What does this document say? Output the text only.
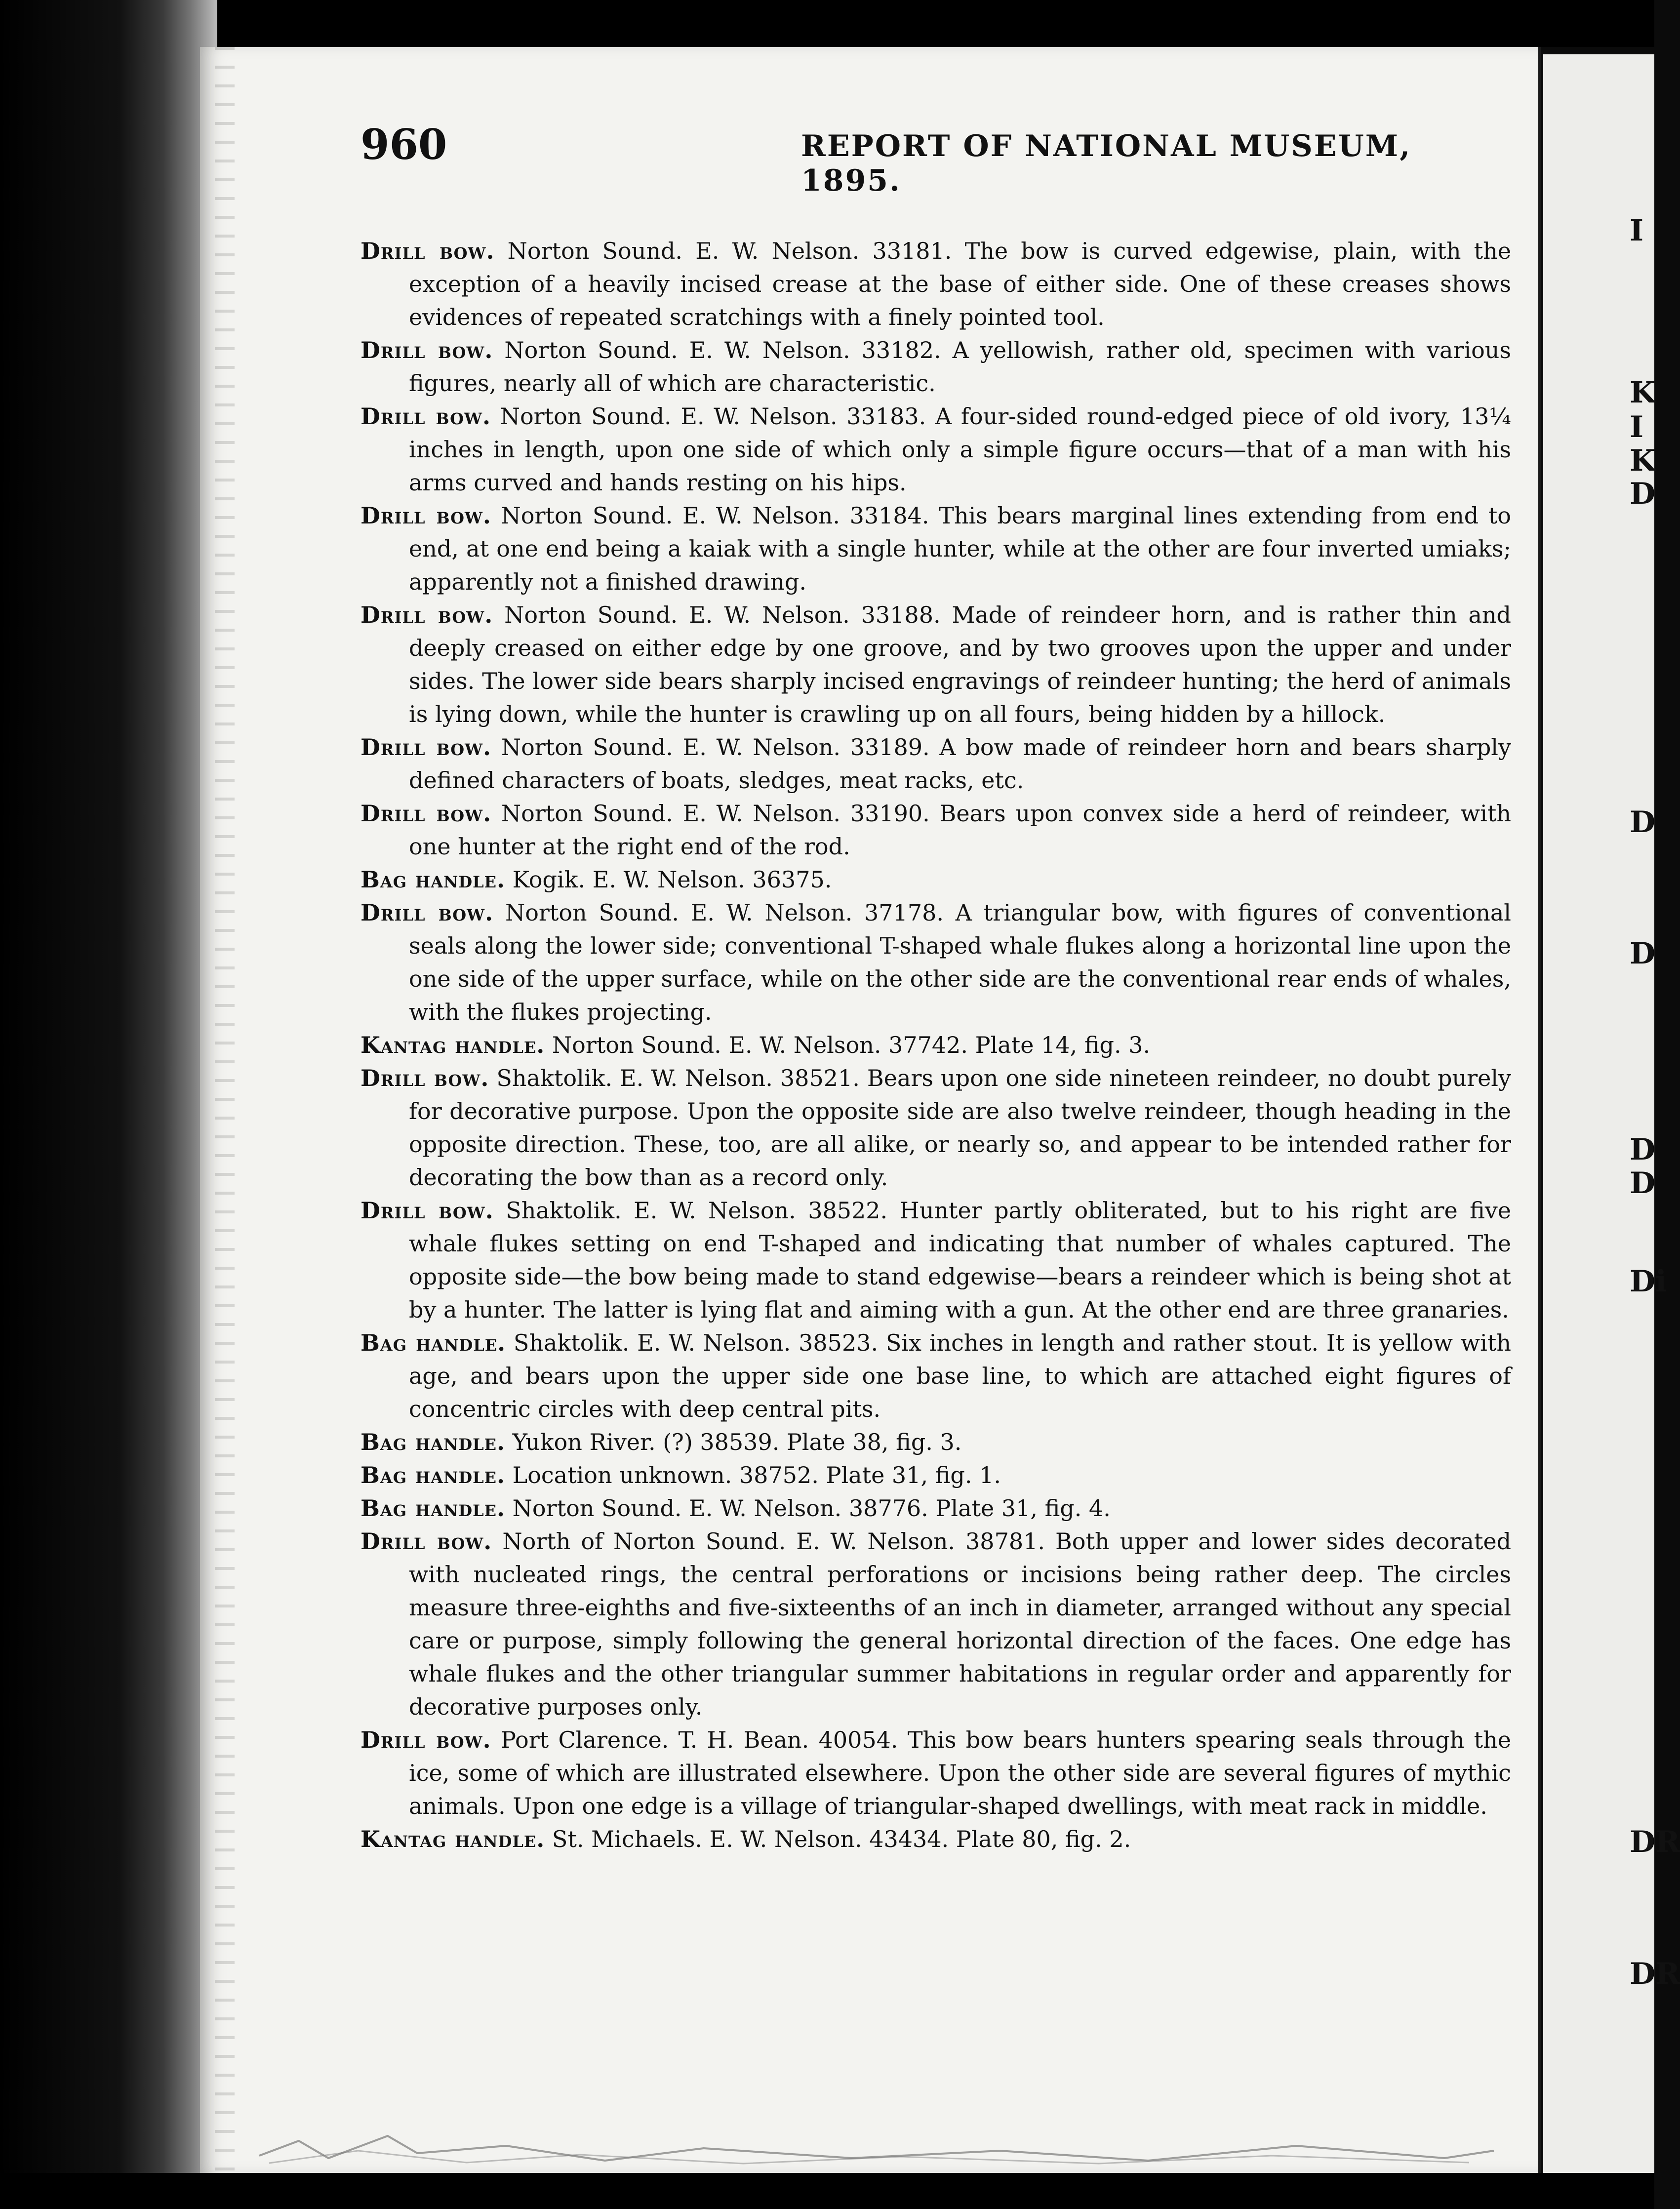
I
K
I
K
D
D
D
D
D
Di
DR
DR
960	REPORT OF NATIONAL MUSEUM, 1895.

Drill bow. Norton Sound. E. W. Nelson. 33181. The bow is curved edgewise, plain, with the exception of a heavily incised crease at the base of either side. One of these creases shows evidences of repeated scratchings with a finely pointed tool.

Drill bow. Norton Sound. E. W. Nelson. 33182. A yellowish, rather old, specimen with various figures, nearly all of which are characteristic.

Drill bow. Norton Sound. E. W. Nelson. 33183. A four-sided round-edged piece of old ivory, 13¼ inches in length, upon one side of which only a simple figure occurs—that of a man with his arms curved and hands resting on his hips.

Drill bow. Norton Sound. E. W. Nelson. 33184. This bears marginal lines extending from end to end, at one end being a kaiak with a single hunter, while at the other are four inverted umiaks; apparently not a finished drawing.

Drill bow. Norton Sound. E. W. Nelson. 33188. Made of reindeer horn, and is rather thin and deeply creased on either edge by one groove, and by two grooves upon the upper and under sides. The lower side bears sharply incised engravings of reindeer hunting; the herd of animals is lying down, while the hunter is crawling up on all fours, being hidden by a hillock.

Drill bow. Norton Sound. E. W. Nelson. 33189. A bow made of reindeer horn and bears sharply defined characters of boats, sledges, meat racks, etc.

Drill bow. Norton Sound. E. W. Nelson. 33190. Bears upon convex side a herd of reindeer, with one hunter at the right end of the rod.

Bag handle. Kogik. E. W. Nelson. 36375.

Drill bow. Norton Sound. E. W. Nelson. 37178. A triangular bow, with figures of conventional seals along the lower side; conventional T-shaped whale flukes along a horizontal line upon the one side of the upper surface, while on the other side are the conventional rear ends of whales, with the flukes projecting.

Kantag handle. Norton Sound. E. W. Nelson. 37742. Plate 14, fig. 3.

Drill bow. Shaktolik. E. W. Nelson. 38521. Bears upon one side nineteen reindeer, no doubt purely for decorative purpose. Upon the opposite side are also twelve reindeer, though heading in the opposite direction. These, too, are all alike, or nearly so, and appear to be intended rather for decorating the bow than as a record only.

Drill bow. Shaktolik. E. W. Nelson. 38522. Hunter partly obliterated, but to his right are five whale flukes setting on end T-shaped and indicating that number of whales captured. The opposite side—the bow being made to stand edgewise—bears a reindeer which is being shot at by a hunter. The latter is lying flat and aiming with a gun. At the other end are three granaries.

Bag handle. Shaktolik. E. W. Nelson. 38523. Six inches in length and rather stout. It is yellow with age, and bears upon the upper side one base line, to which are attached eight figures of concentric circles with deep central pits.

Bag handle. Yukon River. (?) 38539. Plate 38, fig. 3.

Bag handle. Location unknown. 38752. Plate 31, fig. 1.

Bag handle. Norton Sound. E. W. Nelson. 38776. Plate 31, fig. 4.

Drill bow. North of Norton Sound. E. W. Nelson. 38781. Both upper and lower sides decorated with nucleated rings, the central perforations or incisions being rather deep. The circles measure three-eighths and five-sixteenths of an inch in diameter, arranged without any special care or purpose, simply following the general horizontal direction of the faces. One edge has whale flukes and the other triangular summer habitations in regular order and apparently for decorative purposes only.

Drill bow. Port Clarence. T. H. Bean. 40054. This bow bears hunters spearing seals through the ice, some of which are illustrated elsewhere. Upon the other side are several figures of mythic animals. Upon one edge is a village of triangular-shaped dwellings, with meat rack in middle.

Kantag handle. St. Michaels. E. W. Nelson. 43434. Plate 80, fig. 2.
